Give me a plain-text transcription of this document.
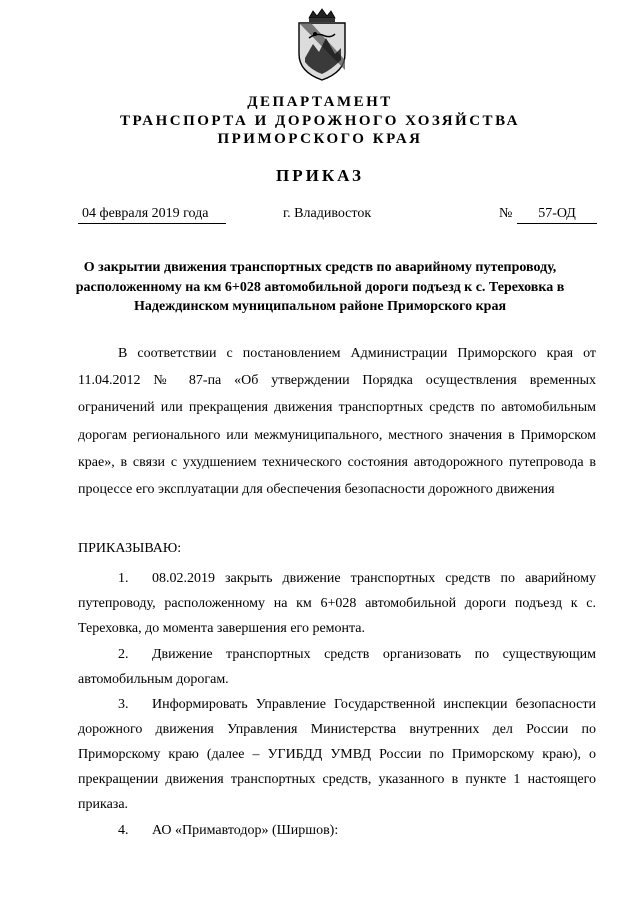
ДЕПАРТАМЕНТ
ТРАНСПОРТА И ДОРОЖНОГО ХОЗЯЙСТВА
ПРИМОРСКОГО КРАЯ
ПРИКАЗ
04 февраля 2019 года	г. Владивосток	№	57-ОД
О закрытии движения транспортных средств по аварийному путепроводу, расположенному на км 6+028 автомобильной дороги подъезд к с. Тереховка в Надеждинском муниципальном районе Приморского края

В соответствии с постановлением Администрации Приморского края от 11.04.2012 № 87-па «Об утверждении Порядка осуществления временных ограничений или прекращения движения транспортных средств по автомобильным дорогам регионального или межмуниципального, местного значения в Приморском крае», в связи с ухудшением технического состояния автодорожного путепровода в процессе его эксплуатации для обеспечения безопасности дорожного движения

ПРИКАЗЫВАЮ:

1. 08.02.2019 закрыть движение транспортных средств по аварийному путепроводу, расположенному на км 6+028 автомобильной дороги подъезд к с. Тереховка, до момента завершения его ремонта.

2. Движение транспортных средств организовать по существующим автомобильным дорогам.

3. Информировать Управление Государственной инспекции безопасности дорожного движения Управления Министерства внутренних дел России по Приморскому краю (далее – УГИБДД УМВД России по Приморскому краю), о прекращении движения транспортных средств, указанного в пункте 1 настоящего приказа.

4. АО «Примавтодор» (Ширшов):
